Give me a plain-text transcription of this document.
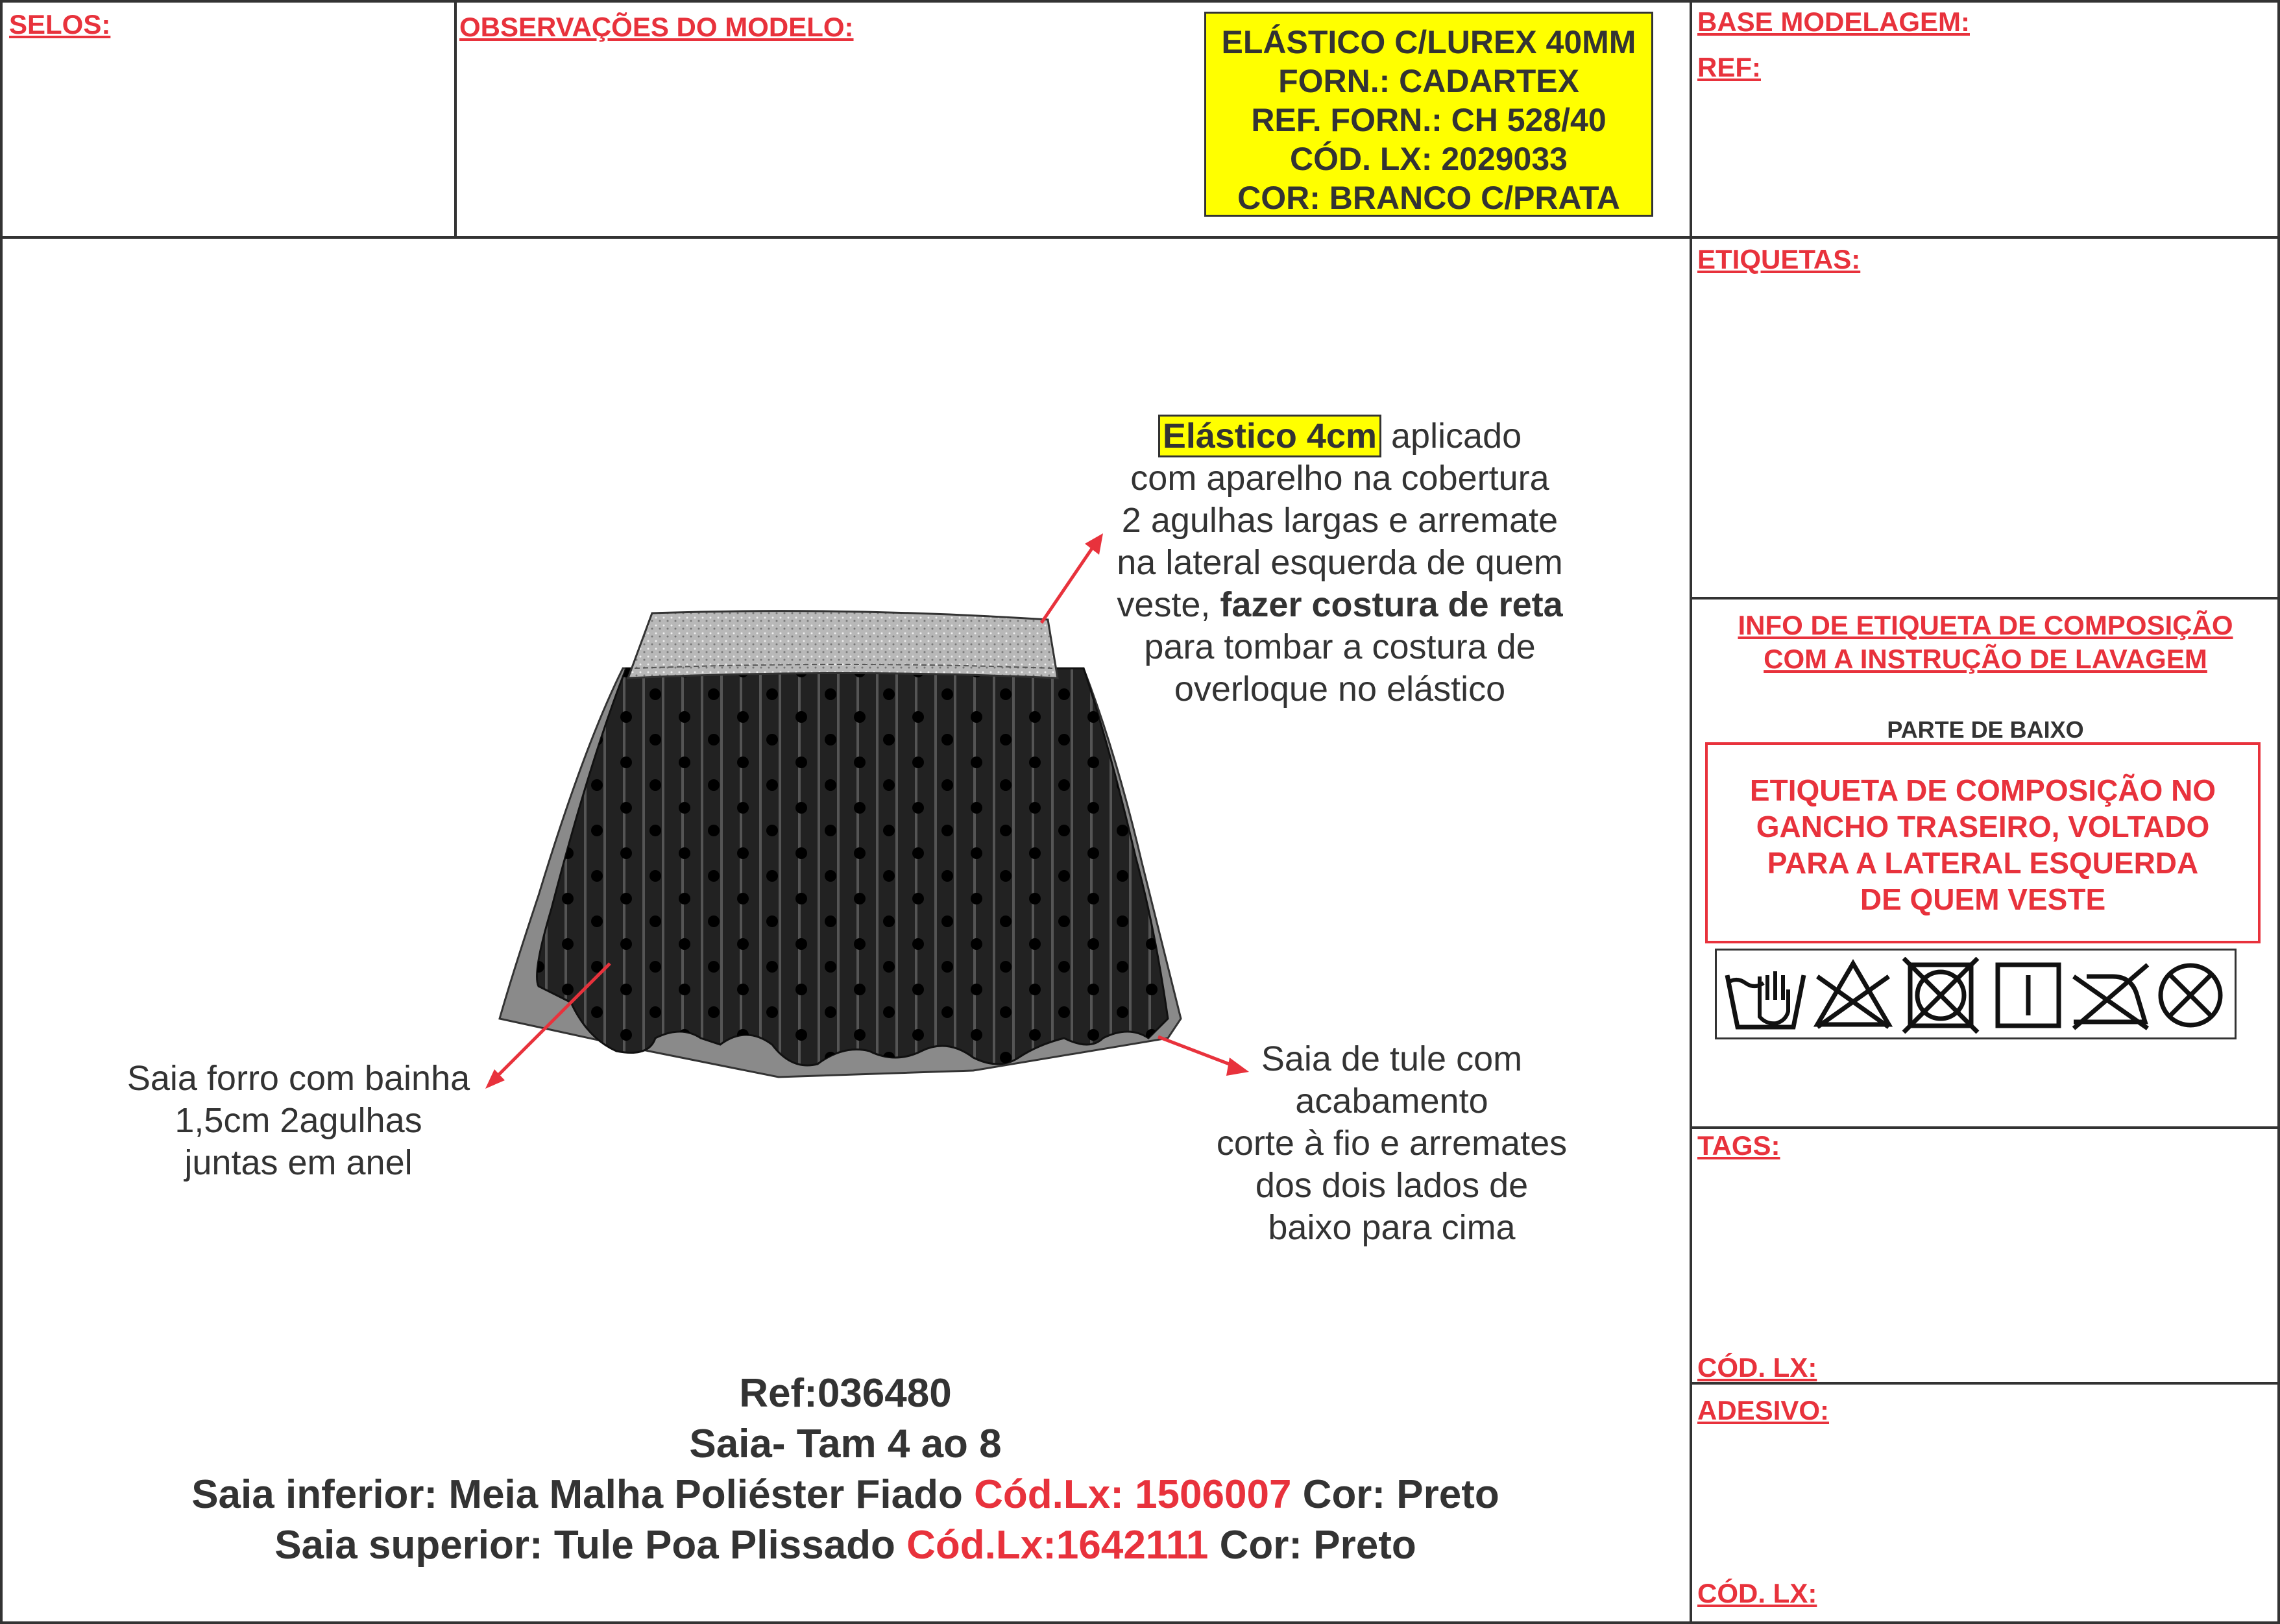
SELOS:	OBSERVAÇÕES DO MODELO:	BASE MODELAGEM:
REF:
ETIQUETAS:
INFO DE ETIQUETA DE COMPOSIÇÃO
COM A INSTRUÇÃO DE LAVAGEM
TAGS:
CÓD. LX:
ADESIVO:
CÓD. LX:
ELÁSTICO C/LUREX 40MM
FORN.: CADARTEX
REF. FORN.: CH 528/40
CÓD. LX: 2029033
COR: BRANCO C/PRATA
PARTE DE BAIXO
ETIQUETA DE COMPOSIÇÃO NO
GANCHO TRASEIRO, VOLTADO
PARA A LATERAL ESQUERDA
DE QUEM VESTE
Elástico 4cm aplicado
com aparelho na cobertura
2 agulhas largas e arremate
na lateral esquerda de quem
veste, fazer costura de reta
para tombar a costura de
overloque no elástico
Saia forro com bainha
1,5cm 2agulhas
juntas em anel
Saia de tule com
acabamento
corte à fio e arremates
dos dois lados de
baixo para cima
Ref:036480
Saia- Tam 4 ao 8
Saia inferior: Meia Malha Poliéster Fiado Cód.Lx: 1506007 Cor: Preto
Saia superior: Tule Poa Plissado Cód.Lx:1642111 Cor: Preto
